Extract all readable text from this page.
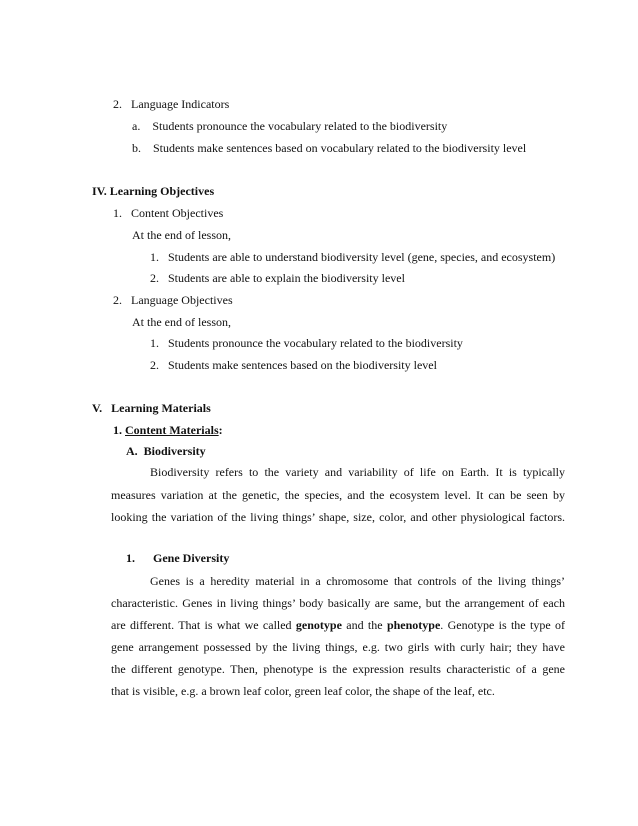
2. Language Indicators
a. Students pronounce the vocabulary related to the biodiversity
b. Students make sentences based on vocabulary related to the biodiversity level
IV. Learning Objectives
1. Content Objectives
At the end of lesson,
1. Students are able to understand biodiversity level (gene, species, and ecosystem)
2. Students are able to explain the biodiversity level
2. Language Objectives
At the end of lesson,
1. Students pronounce the vocabulary related to the biodiversity
2. Students make sentences based on the biodiversity level
V. Learning Materials
1. Content Materials:
A. Biodiversity
Biodiversity refers to the variety and variability of life on Earth. It is typically
measures variation at the genetic, the species, and the ecosystem level. It can be seen by
looking the variation of the living things’ shape, size, color, and other physiological factors.
1. Gene Diversity
Genes is a heredity material in a chromosome that controls of the living things’
characteristic. Genes in living things’ body basically are same, but the arrangement of each
are different. That is what we called genotype and the phenotype. Genotype is the type of
gene arrangement possessed by the living things, e.g. two girls with curly hair; they have
the different genotype. Then, phenotype is the expression results characteristic of a gene
that is visible, e.g. a brown leaf color, green leaf color, the shape of the leaf, etc.
